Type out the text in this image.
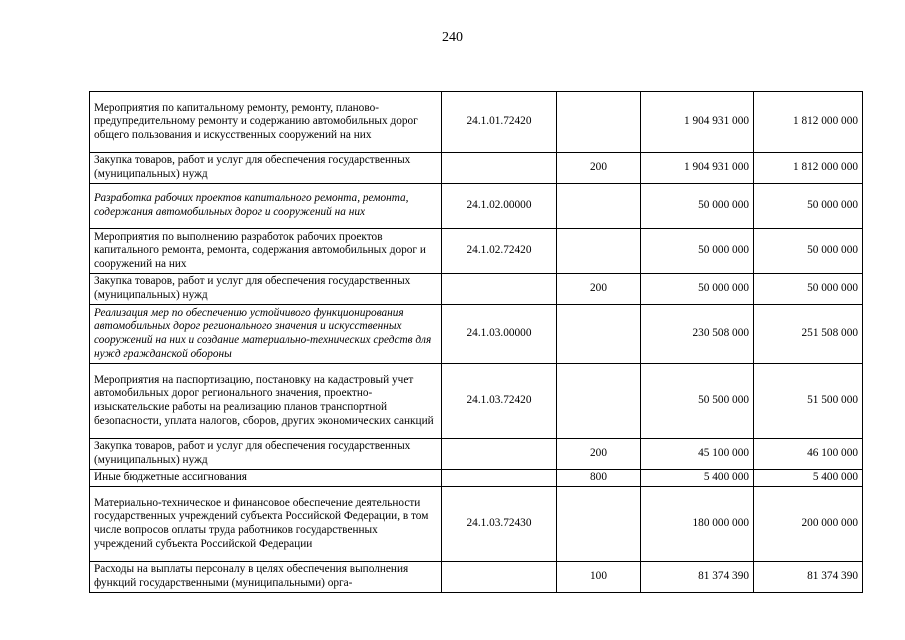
240
Мероприятия по капитальному ремонту, ремонту, планово-предупредительному ремонту и содержанию автомобильных дорог общего пользования и искусственных сооружений на них	24.1.01.72420		1 904 931 000	1 812 000 000
Закупка товаров, работ и услуг для обеспечения государственных (муниципальных) нужд		200	1 904 931 000	1 812 000 000
Разработка рабочих проектов капитального ремонта, ремонта, содержания автомобильных дорог и сооружений на них	24.1.02.00000		50 000 000	50 000 000
Мероприятия по выполнению разработок рабочих проектов капитального ремонта, ремонта, содержания автомобильных дорог и сооружений на них	24.1.02.72420		50 000 000	50 000 000
Закупка товаров, работ и услуг для обеспечения государственных (муниципальных) нужд		200	50 000 000	50 000 000
Реализация мер по обеспечению устойчивого функционирования автомобильных дорог регионального значения и искусственных сооружений на них и создание материально-технических средств для нужд гражданской обороны	24.1.03.00000		230 508 000	251 508 000
Мероприятия на паспортизацию, постановку на кадастровый учет автомобильных дорог регионального значения, проектно-изыскательские работы на реализацию планов транспортной безопасности, уплата налогов, сборов, других экономических санкций	24.1.03.72420		50 500 000	51 500 000
Закупка товаров, работ и услуг для обеспечения государственных (муниципальных) нужд		200	45 100 000	46 100 000
Иные бюджетные ассигнования		800	5 400 000	5 400 000
Материально-техническое и финансовое обеспечение деятельности государственных учреждений субъекта Российской Федерации, в том числе вопросов оплаты труда работников государственных учреждений субъекта Российской Федерации	24.1.03.72430		180 000 000	200 000 000
Расходы на выплаты персоналу в целях обеспечения выполнения функций государственными (муниципальными) орга-		100	81 374 390	81 374 390
